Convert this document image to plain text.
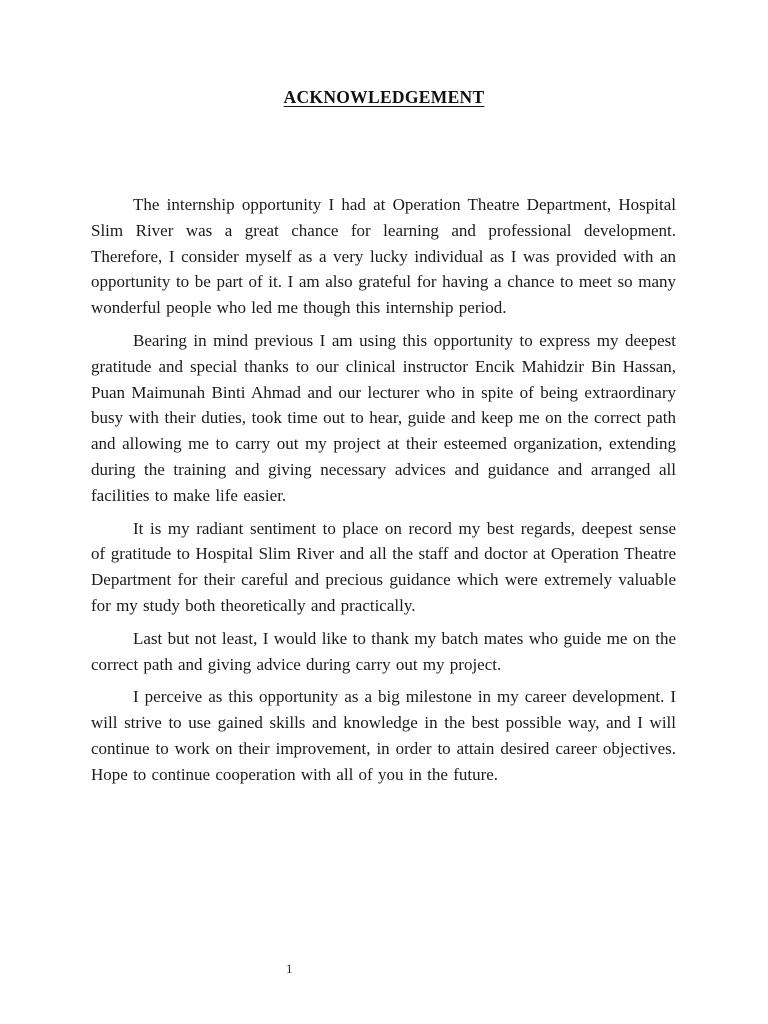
ACKNOWLEDGEMENT

The internship opportunity I had at Operation Theatre Department, Hospital Slim River was a great chance for learning and professional development. Therefore, I consider myself as a very lucky individual as I was provided with an opportunity to be part of it. I am also grateful for having a chance to meet so many wonderful people who led me though this internship period.

Bearing in mind previous I am using this opportunity to express my deepest gratitude and special thanks to our clinical instructor Encik Mahidzir Bin Hassan, Puan Maimunah Binti Ahmad and our lecturer who in spite of being extraordinary busy with their duties, took time out to hear, guide and keep me on the correct path and allowing me to carry out my project at their esteemed organization, extending during the training and giving necessary advices and guidance and arranged all facilities to make life easier.

It is my radiant sentiment to place on record my best regards, deepest sense of gratitude to Hospital Slim River and all the staff and doctor at Operation Theatre Department for their careful and precious guidance which were extremely valuable for my study both theoretically and practically.

Last but not least, I would like to thank my batch mates who guide me on the correct path and giving advice during carry out my project.

I perceive as this opportunity as a big milestone in my career development. I will strive to use gained skills and knowledge in the best possible way, and I will continue to work on their improvement, in order to attain desired career objectives. Hope to continue cooperation with all of you in the future.

1
